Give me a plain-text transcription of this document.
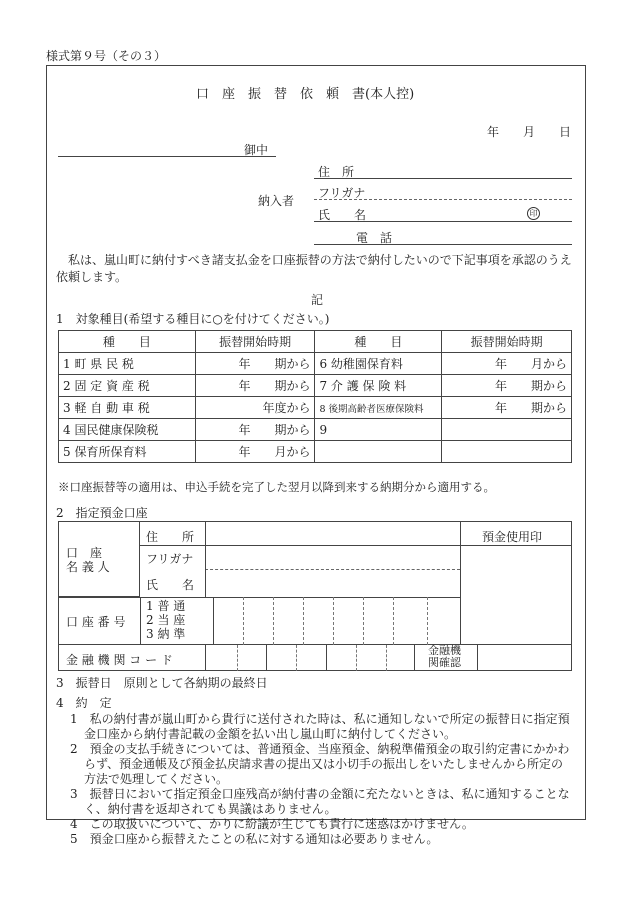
様式第９号（その３）
口　座　振　替　依　頼　書(本人控)
年　　月　　日
御中
納入者
住　所
フリガナ
氏　　名	印
電　話
　私は、嵐山町に納付すべき諸支払金を口座振替の方法で納付したいので下記事項を承認のうえ依頼します。
記
1　対象種目(希望する種目に○を付けてください。)
種　　目	振替開始時期	種　　目	振替開始時期
1 町 県 民 税	年　　期から	6 幼稚園保育料	年　　月から
2 固 定 資 産 税	年　　期から	7 介 護 保 険 料	年　　期から
3 軽 自 動 車 税	年度から	8 後期高齢者医療保険料	年　　期から
4 国民健康保険税	年　　期から	9	
5 保育所保育料	年　　月から		
※口座振替等の適用は、申込手続を完了した翌月以降到来する納期分から適用する。
2　指定預金口座
口　座
名 義 人
住　　所
フリガナ
氏　　名
預金使用印
口 座 番 号
1 普 通
2 当 座
3 納 準
金 融 機 関 コ ー ド
金融機
関確認
3　振替日　原則として各納期の最終日
4　約　定
1　私の納付書が嵐山町から貴行に送付された時は、私に通知しないで所定の振替日に指定預金口座から納付書記載の金額を払い出し嵐山町に納付してください。
2　預金の支払手続きについては、普通預金、当座預金、納税準備預金の取引約定書にかかわらず、預金通帳及び預金払戻請求書の提出又は小切手の振出しをいたしませんから所定の方法で処理してください。
3　振替日において指定預金口座残高が納付書の金額に充たないときは、私に通知することなく、納付書を返却されても異議はありません。
4　この取扱いについて、かりに紛議が生じても貴行に迷惑はかけません。
5　預金口座から振替えたことの私に対する通知は必要ありません。
